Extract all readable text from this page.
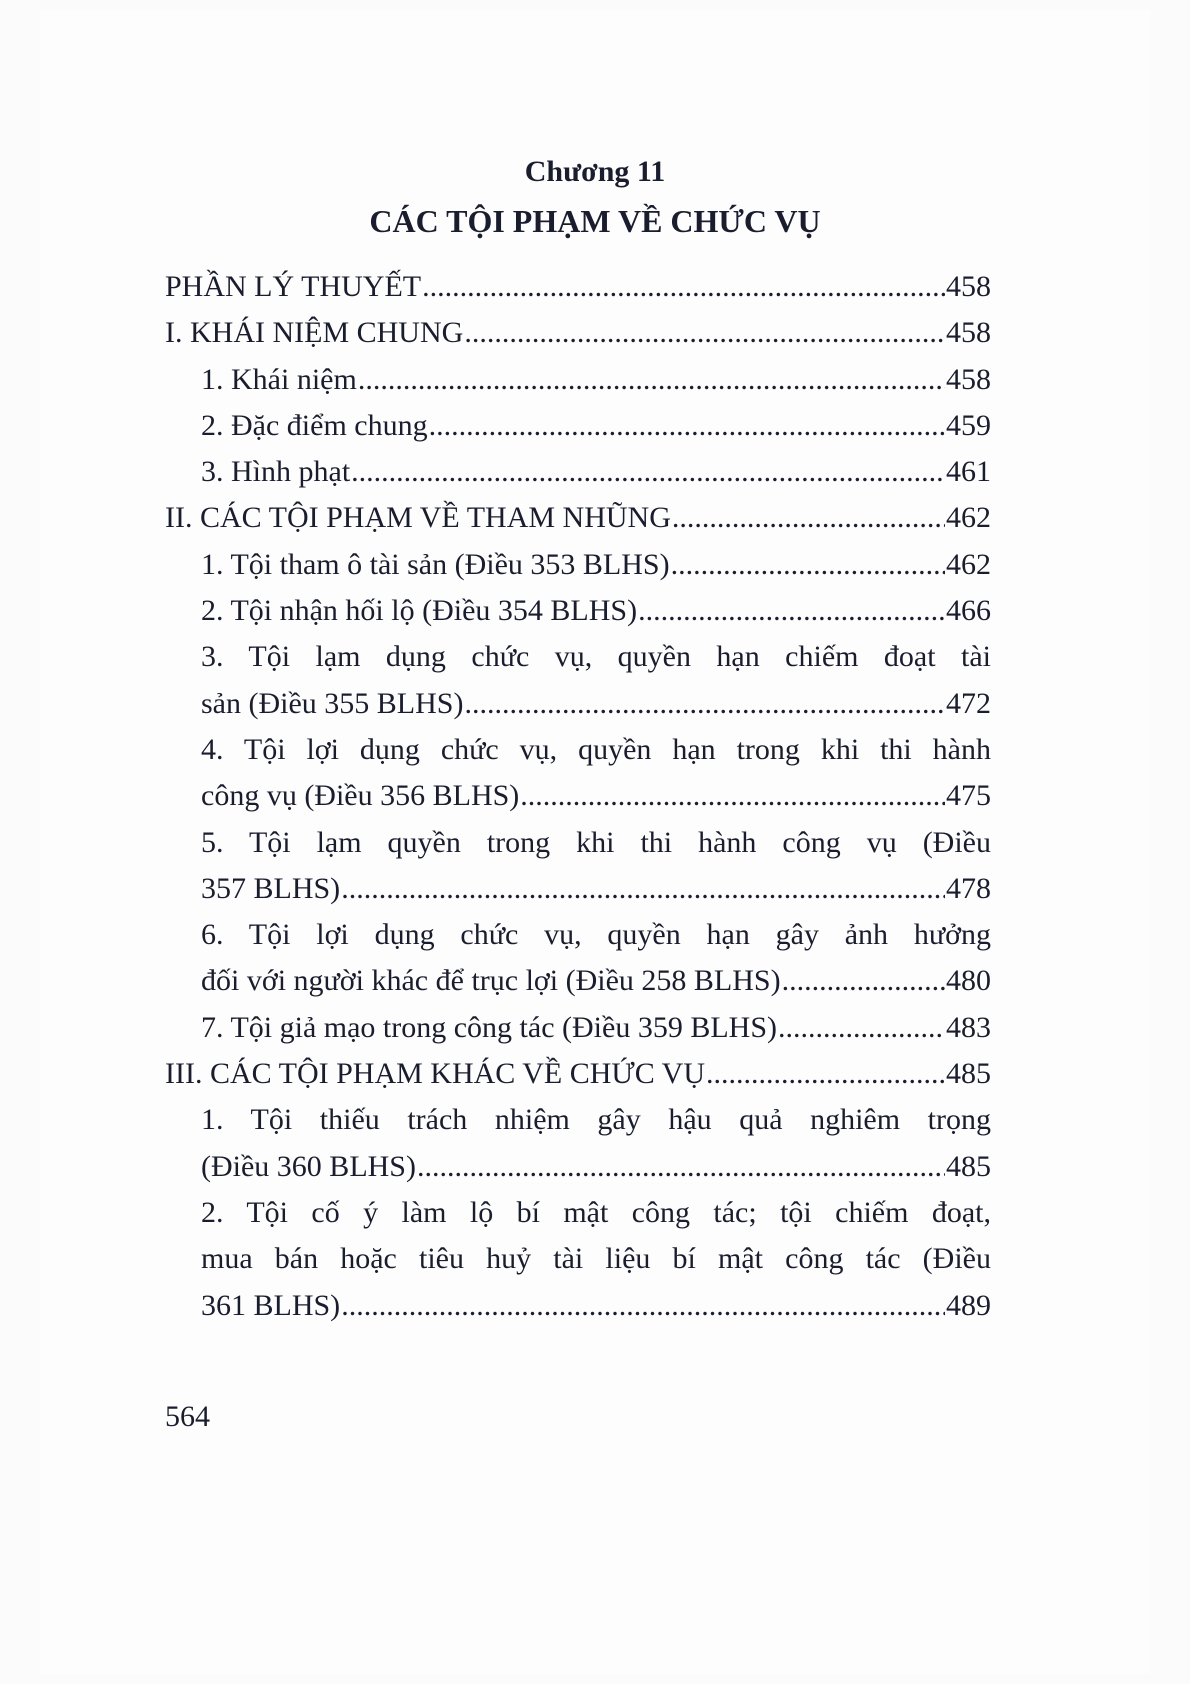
Chương 11
CÁC TỘI PHẠM VỀ CHỨC VỤ
PHẦN LÝ THUYẾT .....	458
I. KHÁI NIỆM CHUNG .....	458
1. Khái niệm .....	458
2. Đặc điểm chung .....	459
3. Hình phạt .....	461
II. CÁC TỘI PHẠM VỀ THAM NHŨNG .....	462
1. Tội tham ô tài sản (Điều 353 BLHS) .....	462
2. Tội nhận hối lộ (Điều 354 BLHS) .....	466
3. Tội lạm dụng chức vụ, quyền hạn chiếm đoạt tài
sản (Điều 355 BLHS) .....	472
4. Tội lợi dụng chức vụ, quyền hạn trong khi thi hành
công vụ (Điều 356 BLHS) .....	475
5. Tội lạm quyền trong khi thi hành công vụ (Điều
357 BLHS) .....	478
6. Tội lợi dụng chức vụ, quyền hạn gây ảnh hưởng
đối với người khác để trục lợi (Điều 258 BLHS) .....	480
7. Tội giả mạo trong công tác (Điều 359 BLHS) .....	483
III. CÁC TỘI PHẠM KHÁC VỀ CHỨC VỤ .....	485
1. Tội thiếu trách nhiệm gây hậu quả nghiêm trọng
(Điều 360 BLHS) .....	485
2. Tội cố ý làm lộ bí mật công tác; tội chiếm đoạt,
mua bán hoặc tiêu huỷ tài liệu bí mật công tác (Điều
361 BLHS) .....	489
564
